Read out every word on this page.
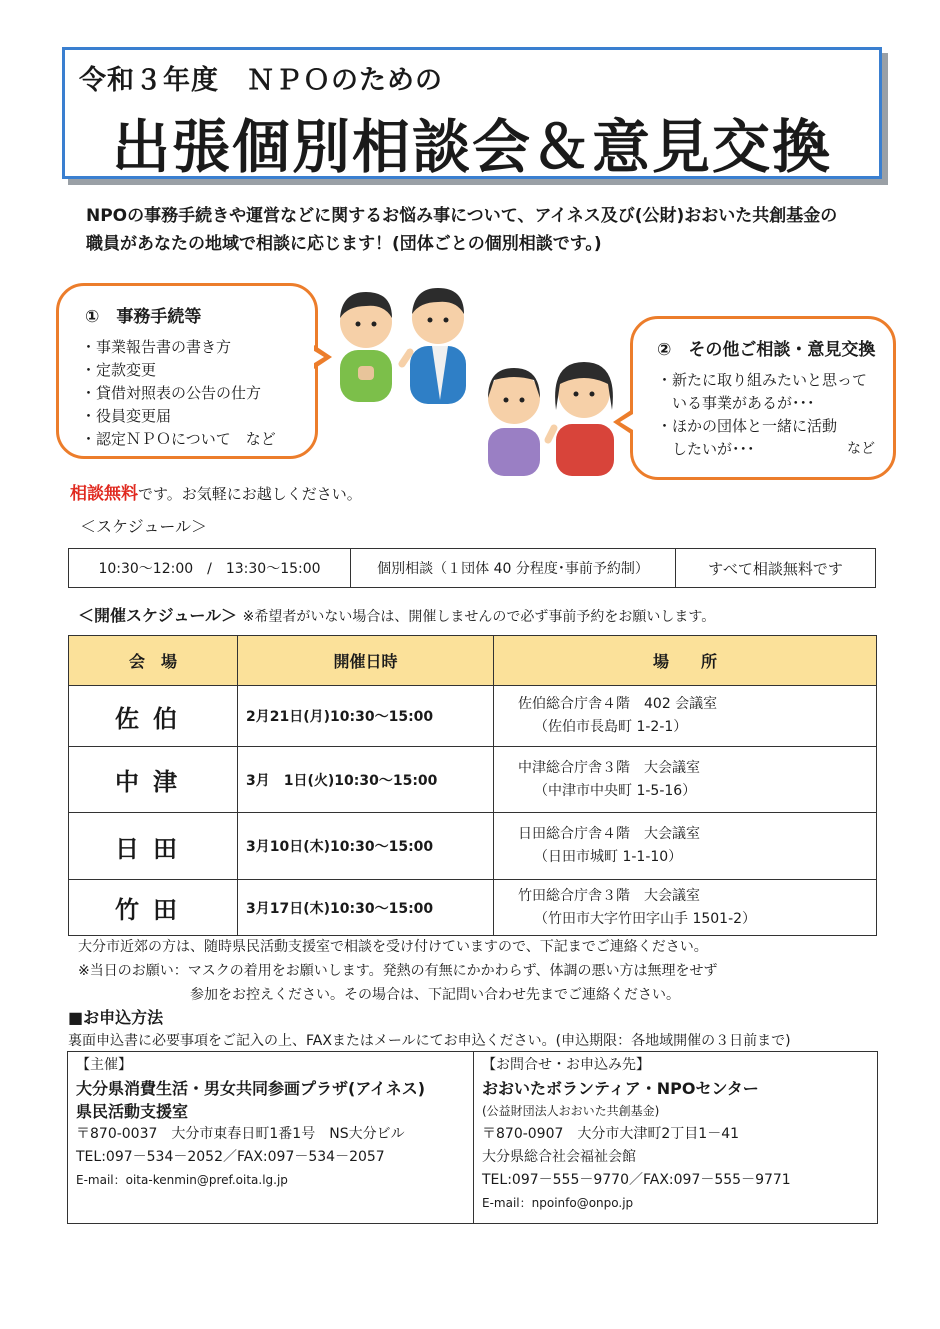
令和３年度　ＮＰＯのための
出張個別相談会＆意見交換
NPOの事務手続きや運営などに関するお悩み事について、アイネス及び(公財)おおいた共創基金の
職員があなたの地域で相談に応じます！(団体ごとの個別相談です。)
①　事務手続等
・事業報告書の書き方
・定款変更
・貸借対照表の公告の仕方
・役員変更届
・認定ＮＰＯについて　など
②　その他ご相談・意見交換
・新たに取り組みたいと思って
　いる事業があるが･･･
・ほかの団体と一緒に活動
　したいが･･･	など
相談無料です。お気軽にお越しください。
＜スケジュール＞
10:30～12:00　/　13:30～15:00	個別相談（１団体 40 分程度･事前予約制）	すべて相談無料です
＜開催スケジュール＞ ※希望者がいない場合は、開催しませんので必ず事前予約をお願いします。
会　場	開催日時	場　　所
佐伯	2月21日(月)10:30～15:00	佐伯総合庁舎４階　402 会議室
（佐伯市長島町 1-2-1）

中津	3月　1日(火)10:30～15:00	中津総合庁舎３階　大会議室
（中津市中央町 1-5-16）

日田	3月10日(木)10:30～15:00	日田総合庁舎４階　大会議室
（日田市城町 1-1-10）

竹田	3月17日(木)10:30～15:00	竹田総合庁舎３階　大会議室
（竹田市大字竹田字山手 1501-2）
大分市近郊の方は、随時県民活動支援室で相談を受け付けていますので、下記までご連絡ください。
※当日のお願い：マスクの着用をお願いします。発熱の有無にかかわらず、体調の悪い方は無理をせず
参加をお控えください。その場合は、下記問い合わせ先までご連絡ください。
■お申込方法
裏面申込書に必要事項をご記入の上、FAXまたはメールにてお申込ください。(申込期限：各地域開催の３日前まで)
【主催】
大分県消費生活・男女共同参画プラザ(アイネス)
県民活動支援室
〒870-0037　大分市東春日町1番1号　NS大分ビル
TEL:097－534－2052／FAX:097－534－2057
E-mail：oita-kenmin@pref.oita.lg.jp
【お問合せ・お申込み先】
おおいたボランティア・NPOセンター
(公益財団法人おおいた共創基金)
〒870-0907　大分市大津町2丁目1－41
大分県総合社会福祉会館
TEL:097－555－9770／FAX:097－555－9771
E-mail：npoinfo@onpo.jp
